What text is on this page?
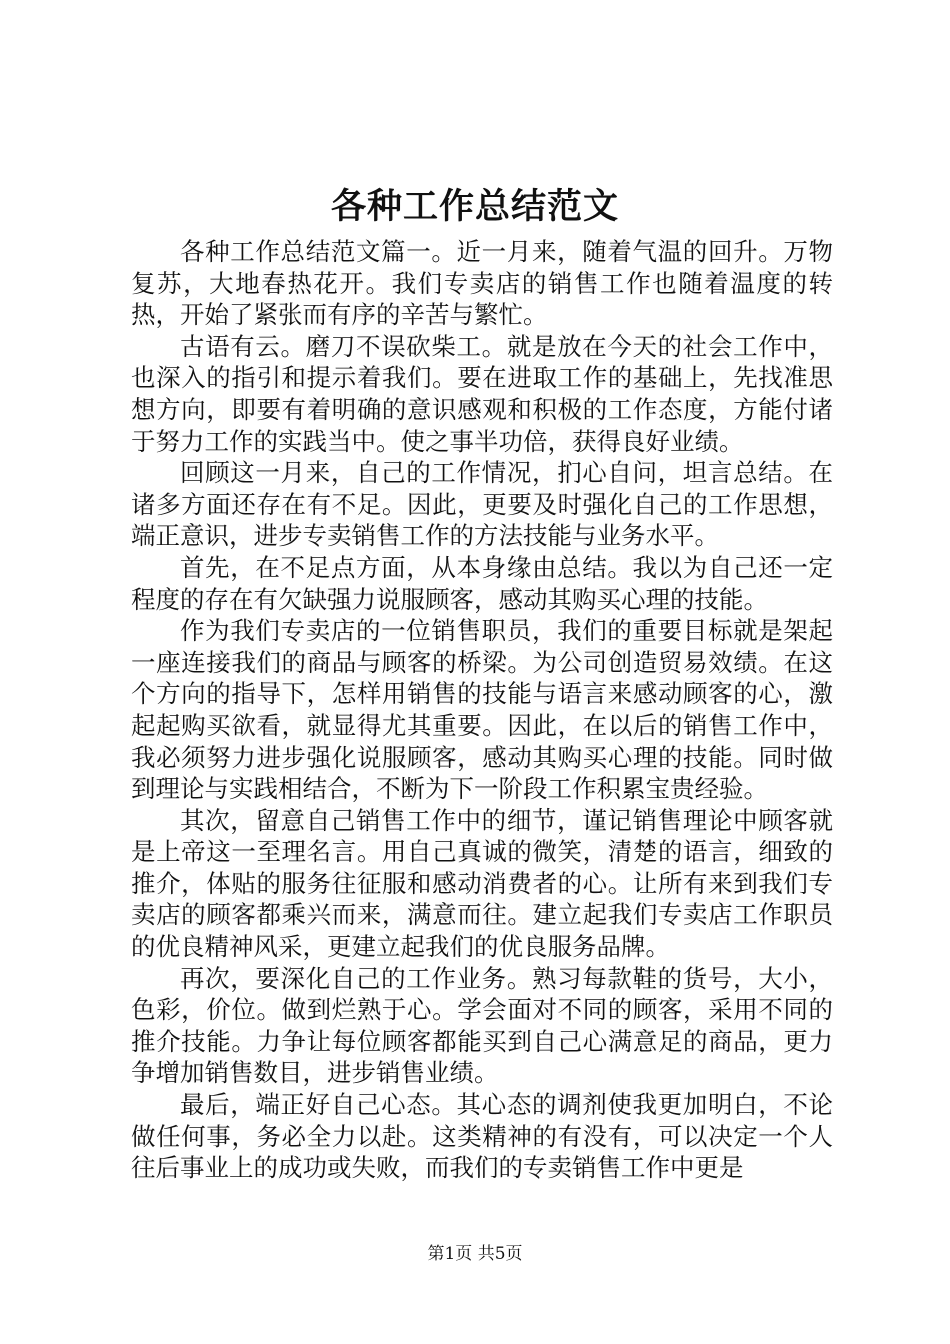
各种工作总结范文

各种工作总结范文篇一。近一月来，随着气温的回升。万物复苏，大地春热花开。我们专卖店的销售工作也随着温度的转热，开始了紧张而有序的辛苦与繁忙。

古语有云。磨刀不误砍柴工。就是放在今天的社会工作中，也深入的指引和提示着我们。要在进取工作的基础上，先找准思想方向，即要有着明确的意识感观和积极的工作态度，方能付诸于努力工作的实践当中。使之事半功倍，获得良好业绩。

回顾这一月来，自己的工作情况，扪心自问，坦言总结。在诸多方面还存在有不足。因此，更要及时强化自己的工作思想，端正意识，进步专卖销售工作的方法技能与业务水平。

首先，在不足点方面，从本身缘由总结。我以为自己还一定程度的存在有欠缺强力说服顾客，感动其购买心理的技能。

作为我们专卖店的一位销售职员，我们的重要目标就是架起一座连接我们的商品与顾客的桥梁。为公司创造贸易效绩。在这个方向的指导下，怎样用销售的技能与语言来感动顾客的心，激起起购买欲看，就显得尤其重要。因此，在以后的销售工作中，我必须努力进步强化说服顾客，感动其购买心理的技能。同时做到理论与实践相结合，不断为下一阶段工作积累宝贵经验。

其次，留意自己销售工作中的细节，谨记销售理论中顾客就是上帝这一至理名言。用自己真诚的微笑，清楚的语言，细致的推介，体贴的服务往征服和感动消费者的心。让所有来到我们专卖店的顾客都乘兴而来，满意而往。建立起我们专卖店工作职员的优良精神风采，更建立起我们的优良服务品牌。

再次，要深化自己的工作业务。熟习每款鞋的货号，大小，色彩，价位。做到烂熟于心。学会面对不同的顾客，采用不同的推介技能。力争让每位顾客都能买到自己心满意足的商品，更力争增加销售数目，进步销售业绩。

最后，端正好自己心态。其心态的调剂使我更加明白，不论做任何事，务必全力以赴。这类精神的有没有，可以决定一个人往后事业上的成功或失败，而我们的专卖销售工作中更是

第1页 共5页
